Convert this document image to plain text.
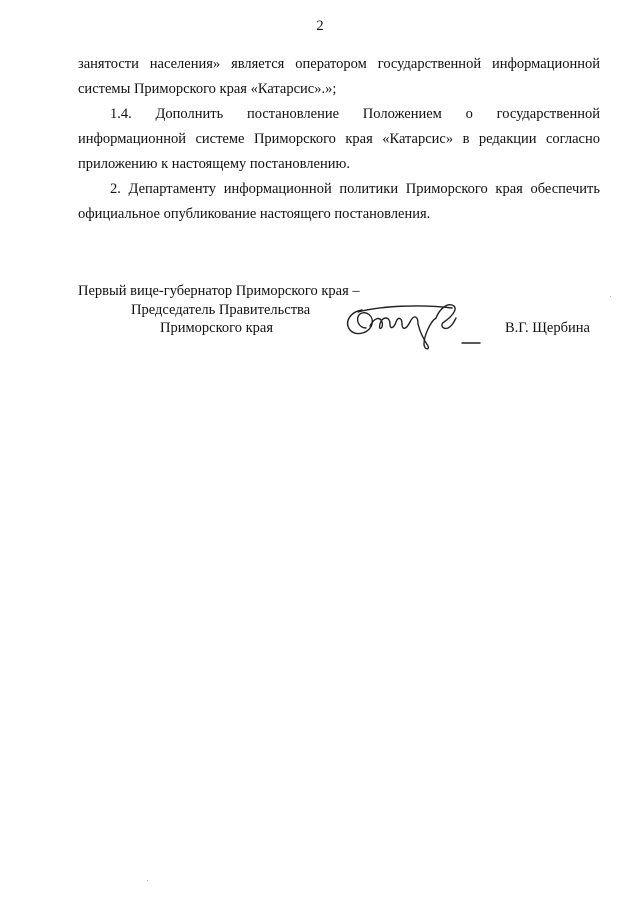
2

занятости населения» является оператором государственной информационной системы Приморского края «Катарсис».»;

1.4. Дополнить постановление Положением о государственной информационной системе Приморского края «Катарсис» в редакции согласно приложению к настоящему постановлению.

2. Департаменту информационной политики Приморского края обеспечить официальное опубликование настоящего постановления.

Первый вице-губернатор Приморского края –
Председатель Правительства
Приморского края	В.Г. Щербина
